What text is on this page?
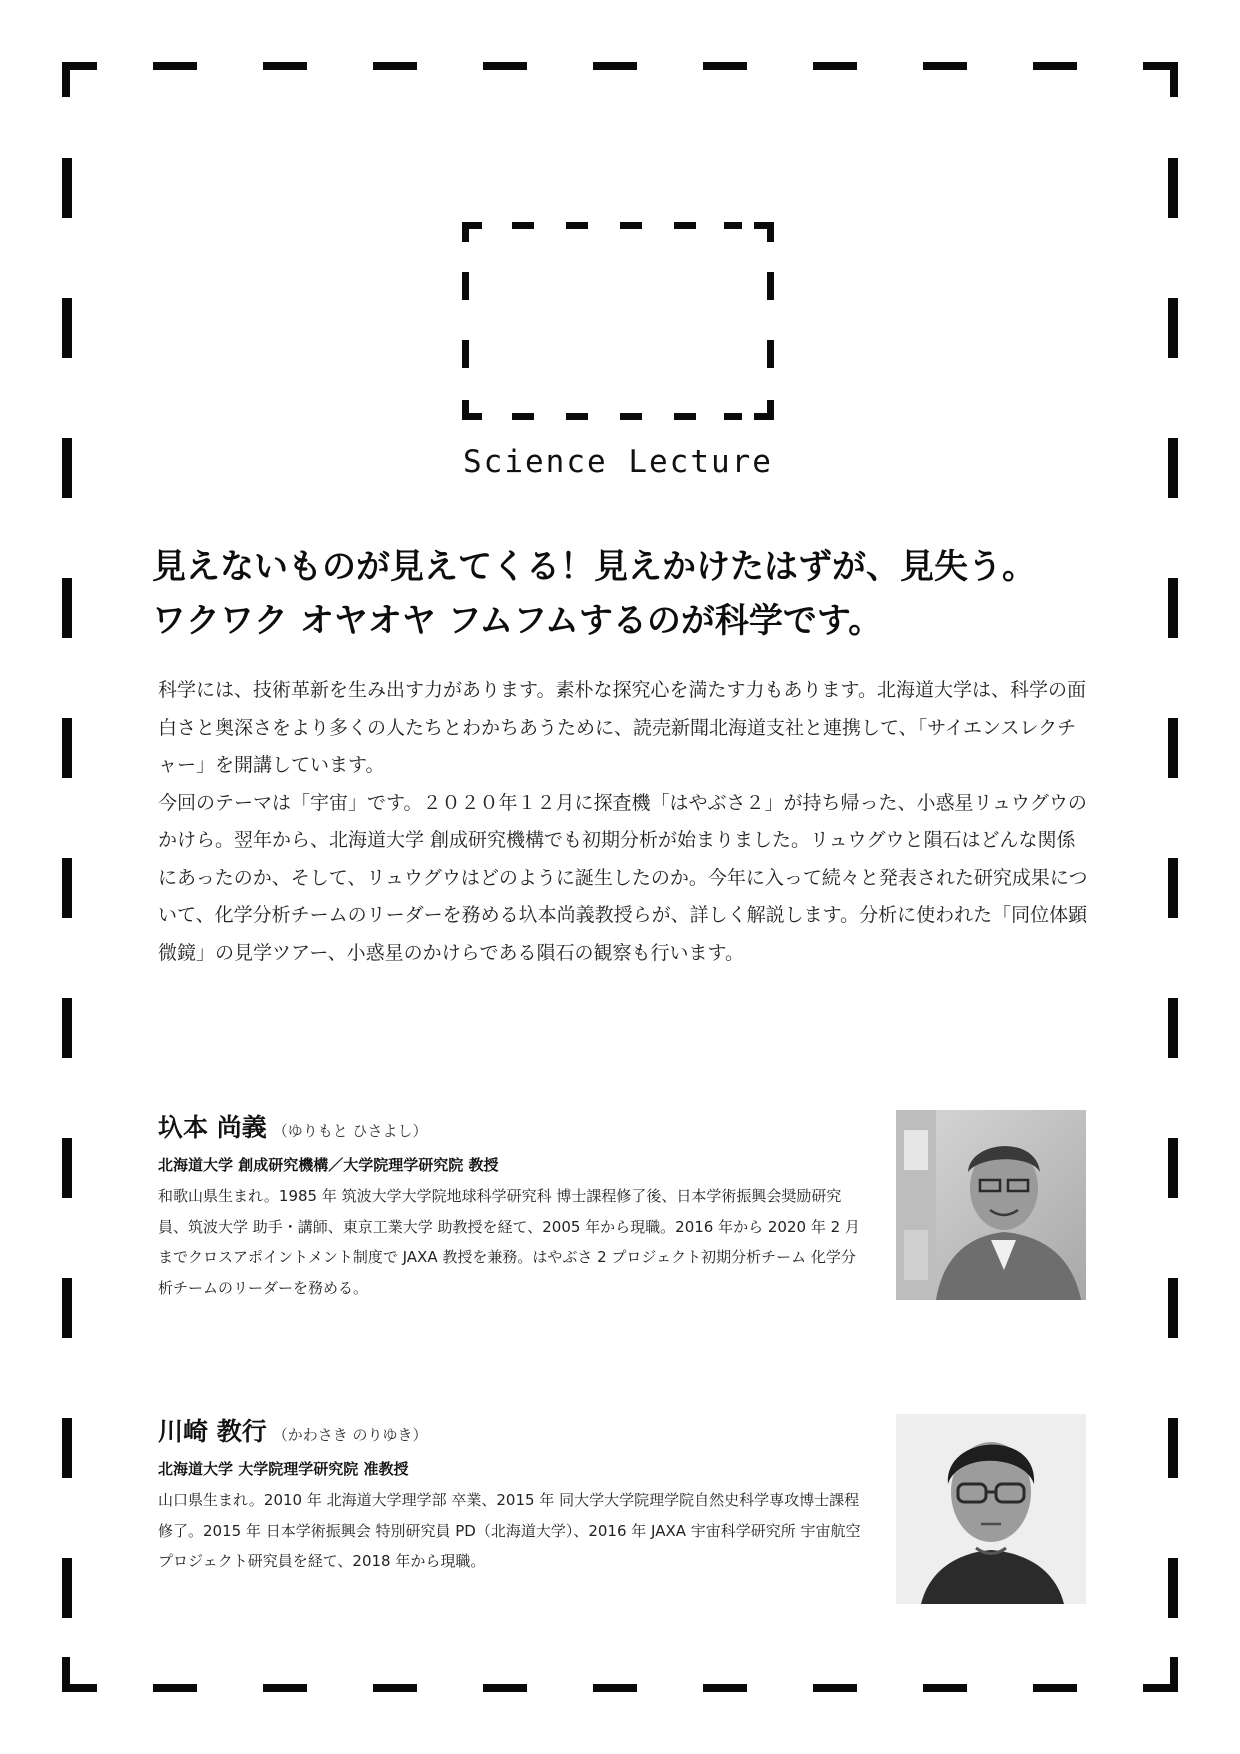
Science Lecture
見えないものが見えてくる！見えかけたはずが、見失う。
ワクワク オヤオヤ フムフムするのが科学です。

科学には、技術革新を生み出す力があります。素朴な探究心を満たす力もあります。北海道大学は、科学の面白さと奥深さをより多くの人たちとわかちあうために、読売新聞北海道支社と連携して、「サイエンスレクチャー」を開講しています。

今回のテーマは「宇宙」です。２０２０年１２月に探査機「はやぶさ２」が持ち帰った、小惑星リュウグウのかけら。翌年から、北海道大学 創成研究機構でも初期分析が始まりました。リュウグウと隕石はどんな関係にあったのか、そして、リュウグウはどのように誕生したのか。今年に入って続々と発表された研究成果について、化学分析チームのリーダーを務める圦本尚義教授らが、詳しく解説します。分析に使われた「同位体顕微鏡」の見学ツアー、小惑星のかけらである隕石の観察も行います。

圦本 尚義 （ゆりもと ひさよし）
北海道大学 創成研究機構／大学院理学研究院 教授
和歌山県生まれ。1985 年 筑波大学大学院地球科学研究科 博士課程修了後、日本学術振興会奨励研究員、筑波大学 助手・講師、東京工業大学 助教授を経て、2005 年から現職。2016 年から 2020 年 2 月までクロスアポイントメント制度で JAXA 教授を兼務。はやぶさ 2 プロジェクト初期分析チーム 化学分析チームのリーダーを務める。
川崎 教行 （かわさき のりゆき）
北海道大学 大学院理学研究院 准教授
山口県生まれ。2010 年 北海道大学理学部 卒業、2015 年 同大学大学院理学院自然史科学専攻博士課程修了。2015 年 日本学術振興会 特別研究員 PD（北海道大学）、2016 年 JAXA 宇宙科学研究所 宇宙航空プロジェクト研究員を経て、2018 年から現職。
